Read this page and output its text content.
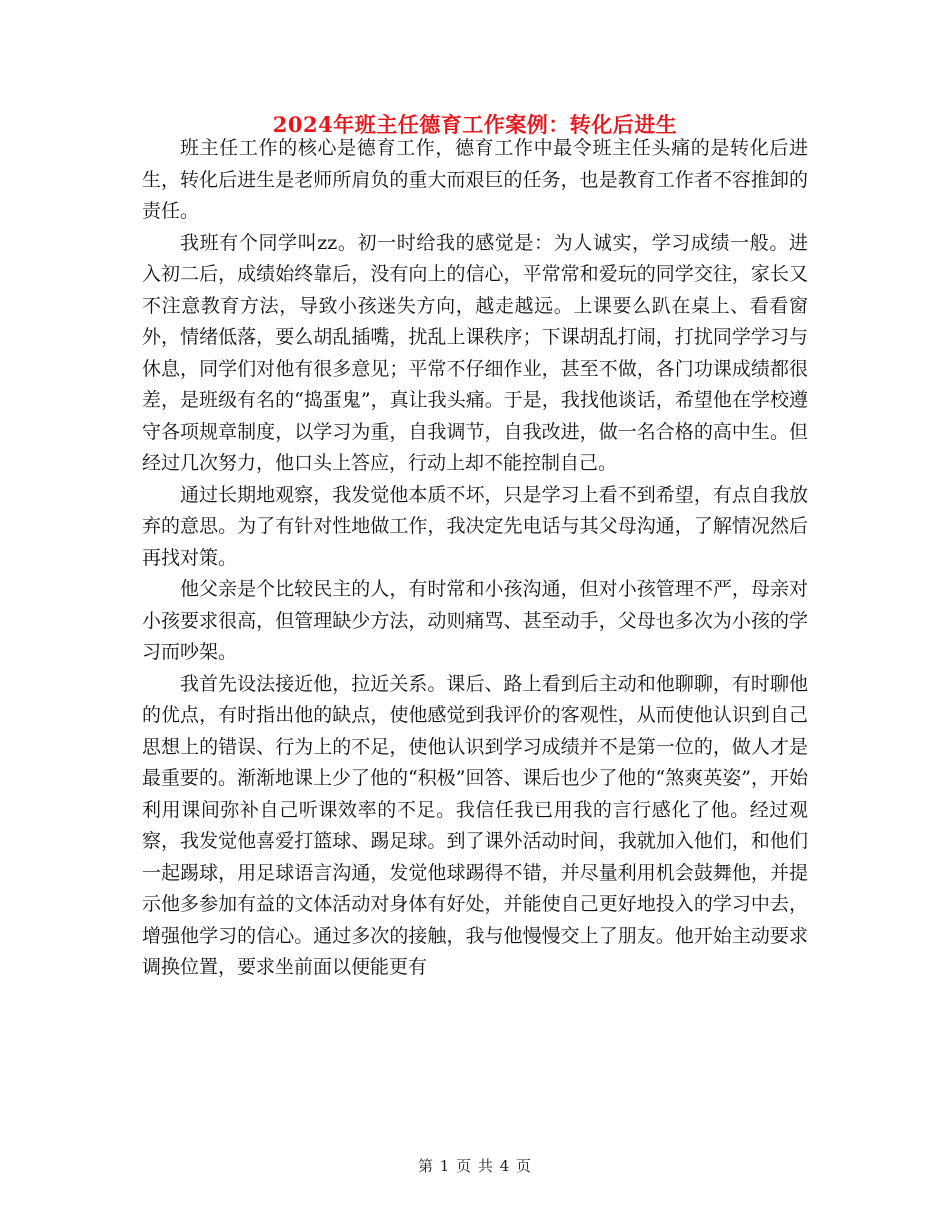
2024年班主任德育工作案例：转化后进生

班主任工作的核心是德育工作，德育工作中最令班主任头痛的是转化后进生，转化后进生是老师所肩负的重大而艰巨的任务，也是教育工作者不容推卸的责任。

我班有个同学叫zz。初一时给我的感觉是：为人诚实，学习成绩一般。进入初二后，成绩始终靠后，没有向上的信心，平常常和爱玩的同学交往，家长又不注意教育方法，导致小孩迷失方向，越走越远。上课要么趴在桌上、看看窗外，情绪低落，要么胡乱插嘴，扰乱上课秩序；下课胡乱打闹，打扰同学学习与休息，同学们对他有很多意见；平常不仔细作业，甚至不做，各门功课成绩都很差，是班级有名的“捣蛋鬼”，真让我头痛。于是，我找他谈话，希望他在学校遵守各项规章制度，以学习为重，自我调节，自我改进，做一名合格的高中生。但经过几次努力，他口头上答应，行动上却不能控制自己。

通过长期地观察，我发觉他本质不坏，只是学习上看不到希望，有点自我放弃的意思。为了有针对性地做工作，我决定先电话与其父母沟通，了解情况然后再找对策。

他父亲是个比较民主的人，有时常和小孩沟通，但对小孩管理不严，母亲对小孩要求很高，但管理缺少方法，动则痛骂、甚至动手，父母也多次为小孩的学习而吵架。

我首先设法接近他，拉近关系。课后、路上看到后主动和他聊聊，有时聊他的优点，有时指出他的缺点，使他感觉到我评价的客观性，从而使他认识到自己思想上的错误、行为上的不足，使他认识到学习成绩并不是第一位的，做人才是最重要的。渐渐地课上少了他的“积极”回答、课后也少了他的“煞爽英姿”，开始利用课间弥补自己听课效率的不足。我信任我已用我的言行感化了他。经过观察，我发觉他喜爱打篮球、踢足球。到了课外活动时间，我就加入他们，和他们一起踢球，用足球语言沟通，发觉他球踢得不错，并尽量利用机会鼓舞他，并提示他多参加有益的文体活动对身体有好处，并能使自己更好地投入的学习中去，增强他学习的信心。通过多次的接触，我与他慢慢交上了朋友。他开始主动要求调换位置，要求坐前面以便能更有

第 1 页 共 4 页
